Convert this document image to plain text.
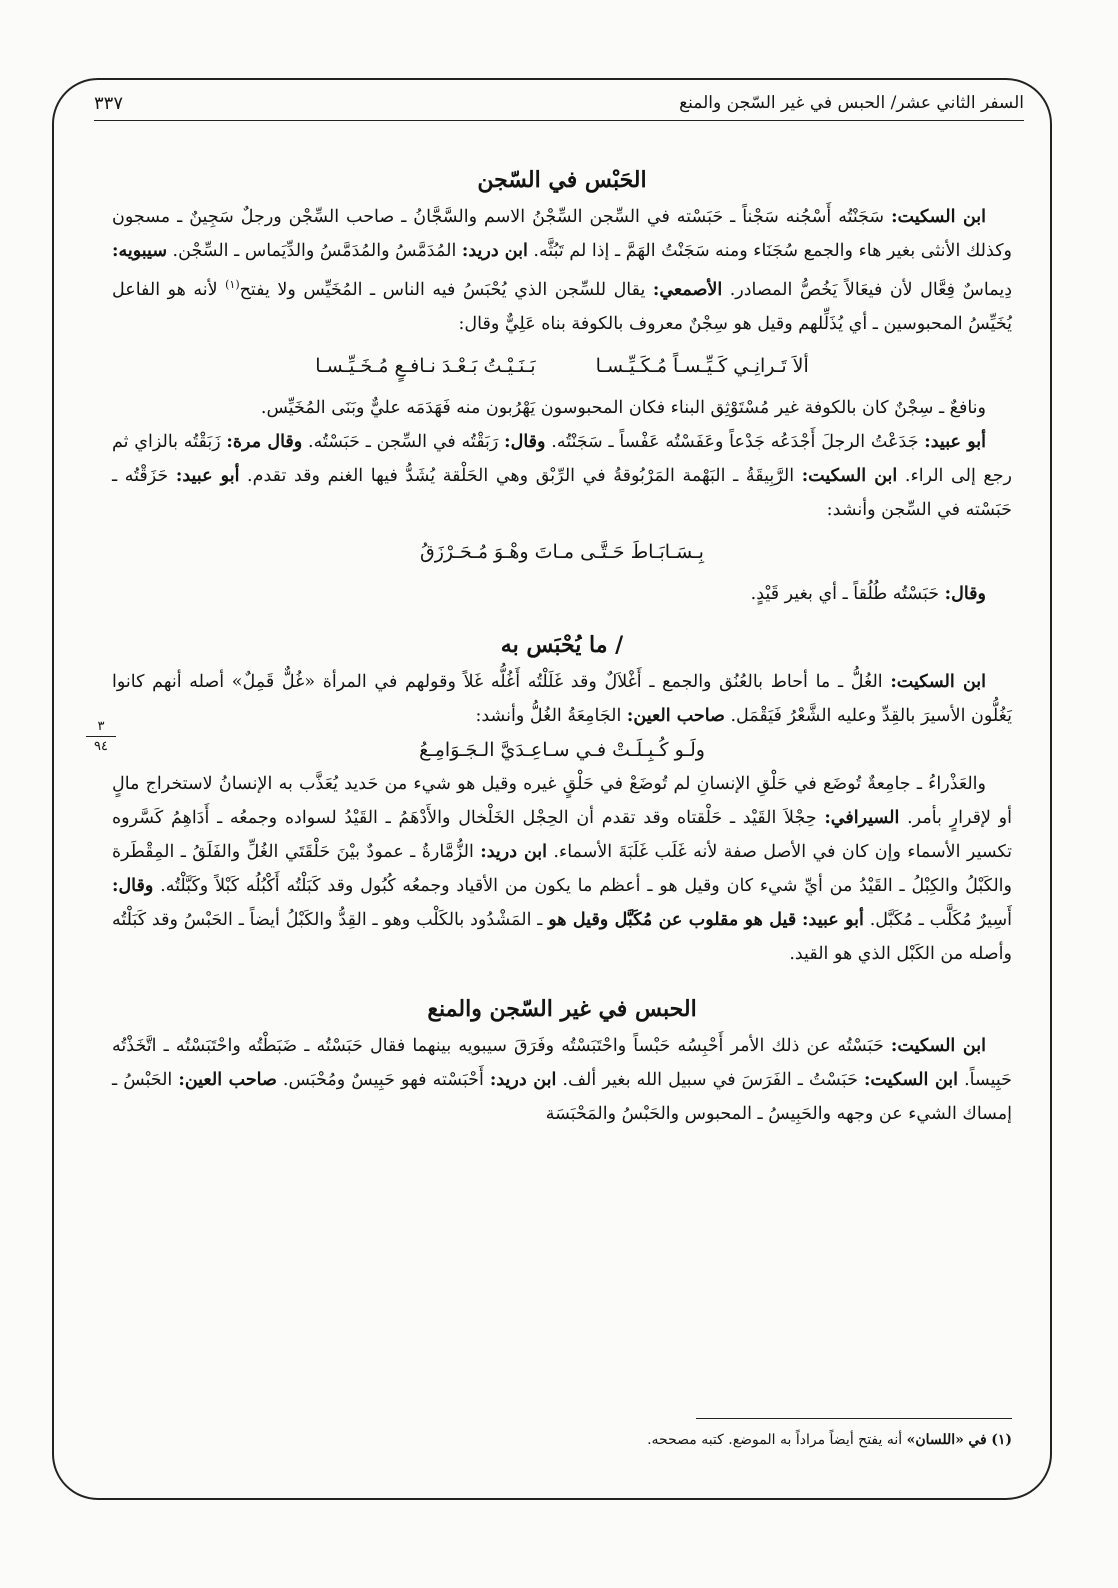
السفر الثاني عشر/ الحبس في غير السّجن والمنع
٣٣٧
٣
٩٤
الحَبْس في السّجن

ابن السكيت: سَجَنْتُه أَسْجُنه سَجْناً ـ حَبَسْته في السِّجن السِّجْنُ الاسم والسَّجَّانُ ـ صاحب السِّجْن ورجلٌ سَجِينٌ ـ مسجون وكذلك الأنثى بغير هاء والجمع سُجَنَاء ومنه سَجَنْتُ الهَمَّ ـ إذا لم تَبُثَّه. ابن دريد: المُدَمَّسُ والمُدَمَّسُ والدِّيَماس ـ السِّجْن. سيبويه: دِيماسٌ فِعَّال لأن فيعَالاً يَخُصُّ المصادر. الأصمعي: يقال للسِّجن الذي يُحْبَسُ فيه الناس ـ المُخَيِّس ولا يفتح$^{(١)}$ لأنه هو الفاعل يُخَيِّسُ المحبوسين ـ أي يُذَلِّلهم وقيل هو سِجْنٌ معروف بالكوفة بناه عَلِيٌّ وقال:

ألاَ تَـرانِـي كَـيِّـسـاً مُـكَـيِّـسـابَـنَـيْـتُ بَـعْـدَ نـافـعٍ مُـخَـيِّـسـا

ونافعٌ ـ سِجْنٌ كان بالكوفة غير مُسْتَوْثِق البناء فكان المحبوسون يَهْرُبون منه فَهَدَمَه عليٌّ وبَنَى المُخَيِّس.

أبو عبيد: جَدَعْتُ الرجلَ أَجْدَعُه جَدْعاً وعَفَسْتُه عَفْساً ـ سَجَنْتُه. وقال: رَبَقْتُه في السِّجن ـ حَبَسْتُه. وقال مرة: زَبَقْتُه بالزاي ثم رجع إلى الراء. ابن السكيت: الرَّبِيقَةُ ـ البَهْمة المَرْبُوقةُ في الرِّبْق وهي الحَلْقة يُشَدُّ فيها الغنم وقد تقدم. أبو عبيد: حَزَقْتُه ـ حَبَسْته في السِّجن وأنشد:

بِـسَـابَـاطَ حَـتَّـى مـاتَ وهْـوَ مُـحَـرْزَقُ

وقال: حَبَسْتُه طُلُقاً ـ أي بغير قَيْدٍ.

/ ما يُحْبَس به

ابن السكيت: الغُلُّ ـ ما أحاط بالعُنُق والجمع ـ أَغْلاَلٌ وقد غَلَلْتُه أَغُلُّه غَلاً وقولهم في المرأة «غُلٌّ قَمِلٌ» أصله أنهم كانوا يَغُلُّون الأسيرَ بالقِدِّ وعليه الشَّعْرُ فَيَقْمَل. صاحب العين: الجَامِعَةُ الغُلُّ وأنشد:

ولَـو كُـبِـلَـتْ فـي سـاعِـدَيَّ الـجَـوَامِـعُ

والعَذْراءُ ـ جامِعةٌ تُوضَع في حَلْقِ الإنسانِ لم تُوضَعْ في حَلْقٍ غيره وقيل هو شيء من حَديد يُعَذَّب به الإنسانُ لاستخراج مالٍ أو لإقرارٍ بأمر. السيرافي: حِجْلاَ القَيْد ـ حَلْقتاه وقد تقدم أن الحِجْل الخَلْخال والأَدْهَمُ ـ القَيْدُ لسواده وجمعُه ـ أَدَاهِمُ كَسَّروه تكسير الأسماء وإن كان في الأصل صفة لأنه غَلَب غَلَبَةَ الأسماء. ابن دريد: الزُّمَّارةُ ـ عمودٌ بيْنَ حَلْقَتَي الغُلِّ والفَلَقُ ـ المِقْطَرة والكَبْلُ والكِبْلُ ـ القَيْدُ من أيِّ شيء كان وقيل هو ـ أعظم ما يكون من الأقياد وجمعُه كُبُول وقد كَبَلْتُه أَكْبُلُه كَبْلاً وكَبَّلْتُه. وقال: أَسِيرٌ مُكَلَّب ـ مُكَبَّل. أبو عبيد: قيل هو مقلوب عن مُكَبَّل وقيل هو ـ المَشْدُود بالكَلْب وهو ـ القِدُّ والكَبْلُ أيضاً ـ الحَبْسُ وقد كَبَلْتُه وأصله من الكَبْل الذي هو القيد.

الحبس في غير السّجن والمنع

ابن السكيت: حَبَسْتُه عن ذلك الأمر أَحْبِسُه حَبْساً واحْتَبَسْتُه وفَرَقَ سيبويه بينهما فقال حَبَسْتُه ـ ضَبَطْتُه واحْتَبَسْتُه ـ اتَّخَذْتُه حَبِيساً. ابن السكيت: حَبَسْتُ ـ الفَرَسَ في سبيل الله بغير ألف. ابن دريد: أَحْبَسْته فهو حَبِيسٌ ومُحْبَس. صاحب العين: الحَبْسُ ـ إمساك الشيء عن وجهه والحَبِيسُ ـ المحبوس والحَبْسُ والمَحْبَسَة

(١) في «اللسان» أنه يفتح أيضاً مراداً به الموضع. كتبه مصححه.
